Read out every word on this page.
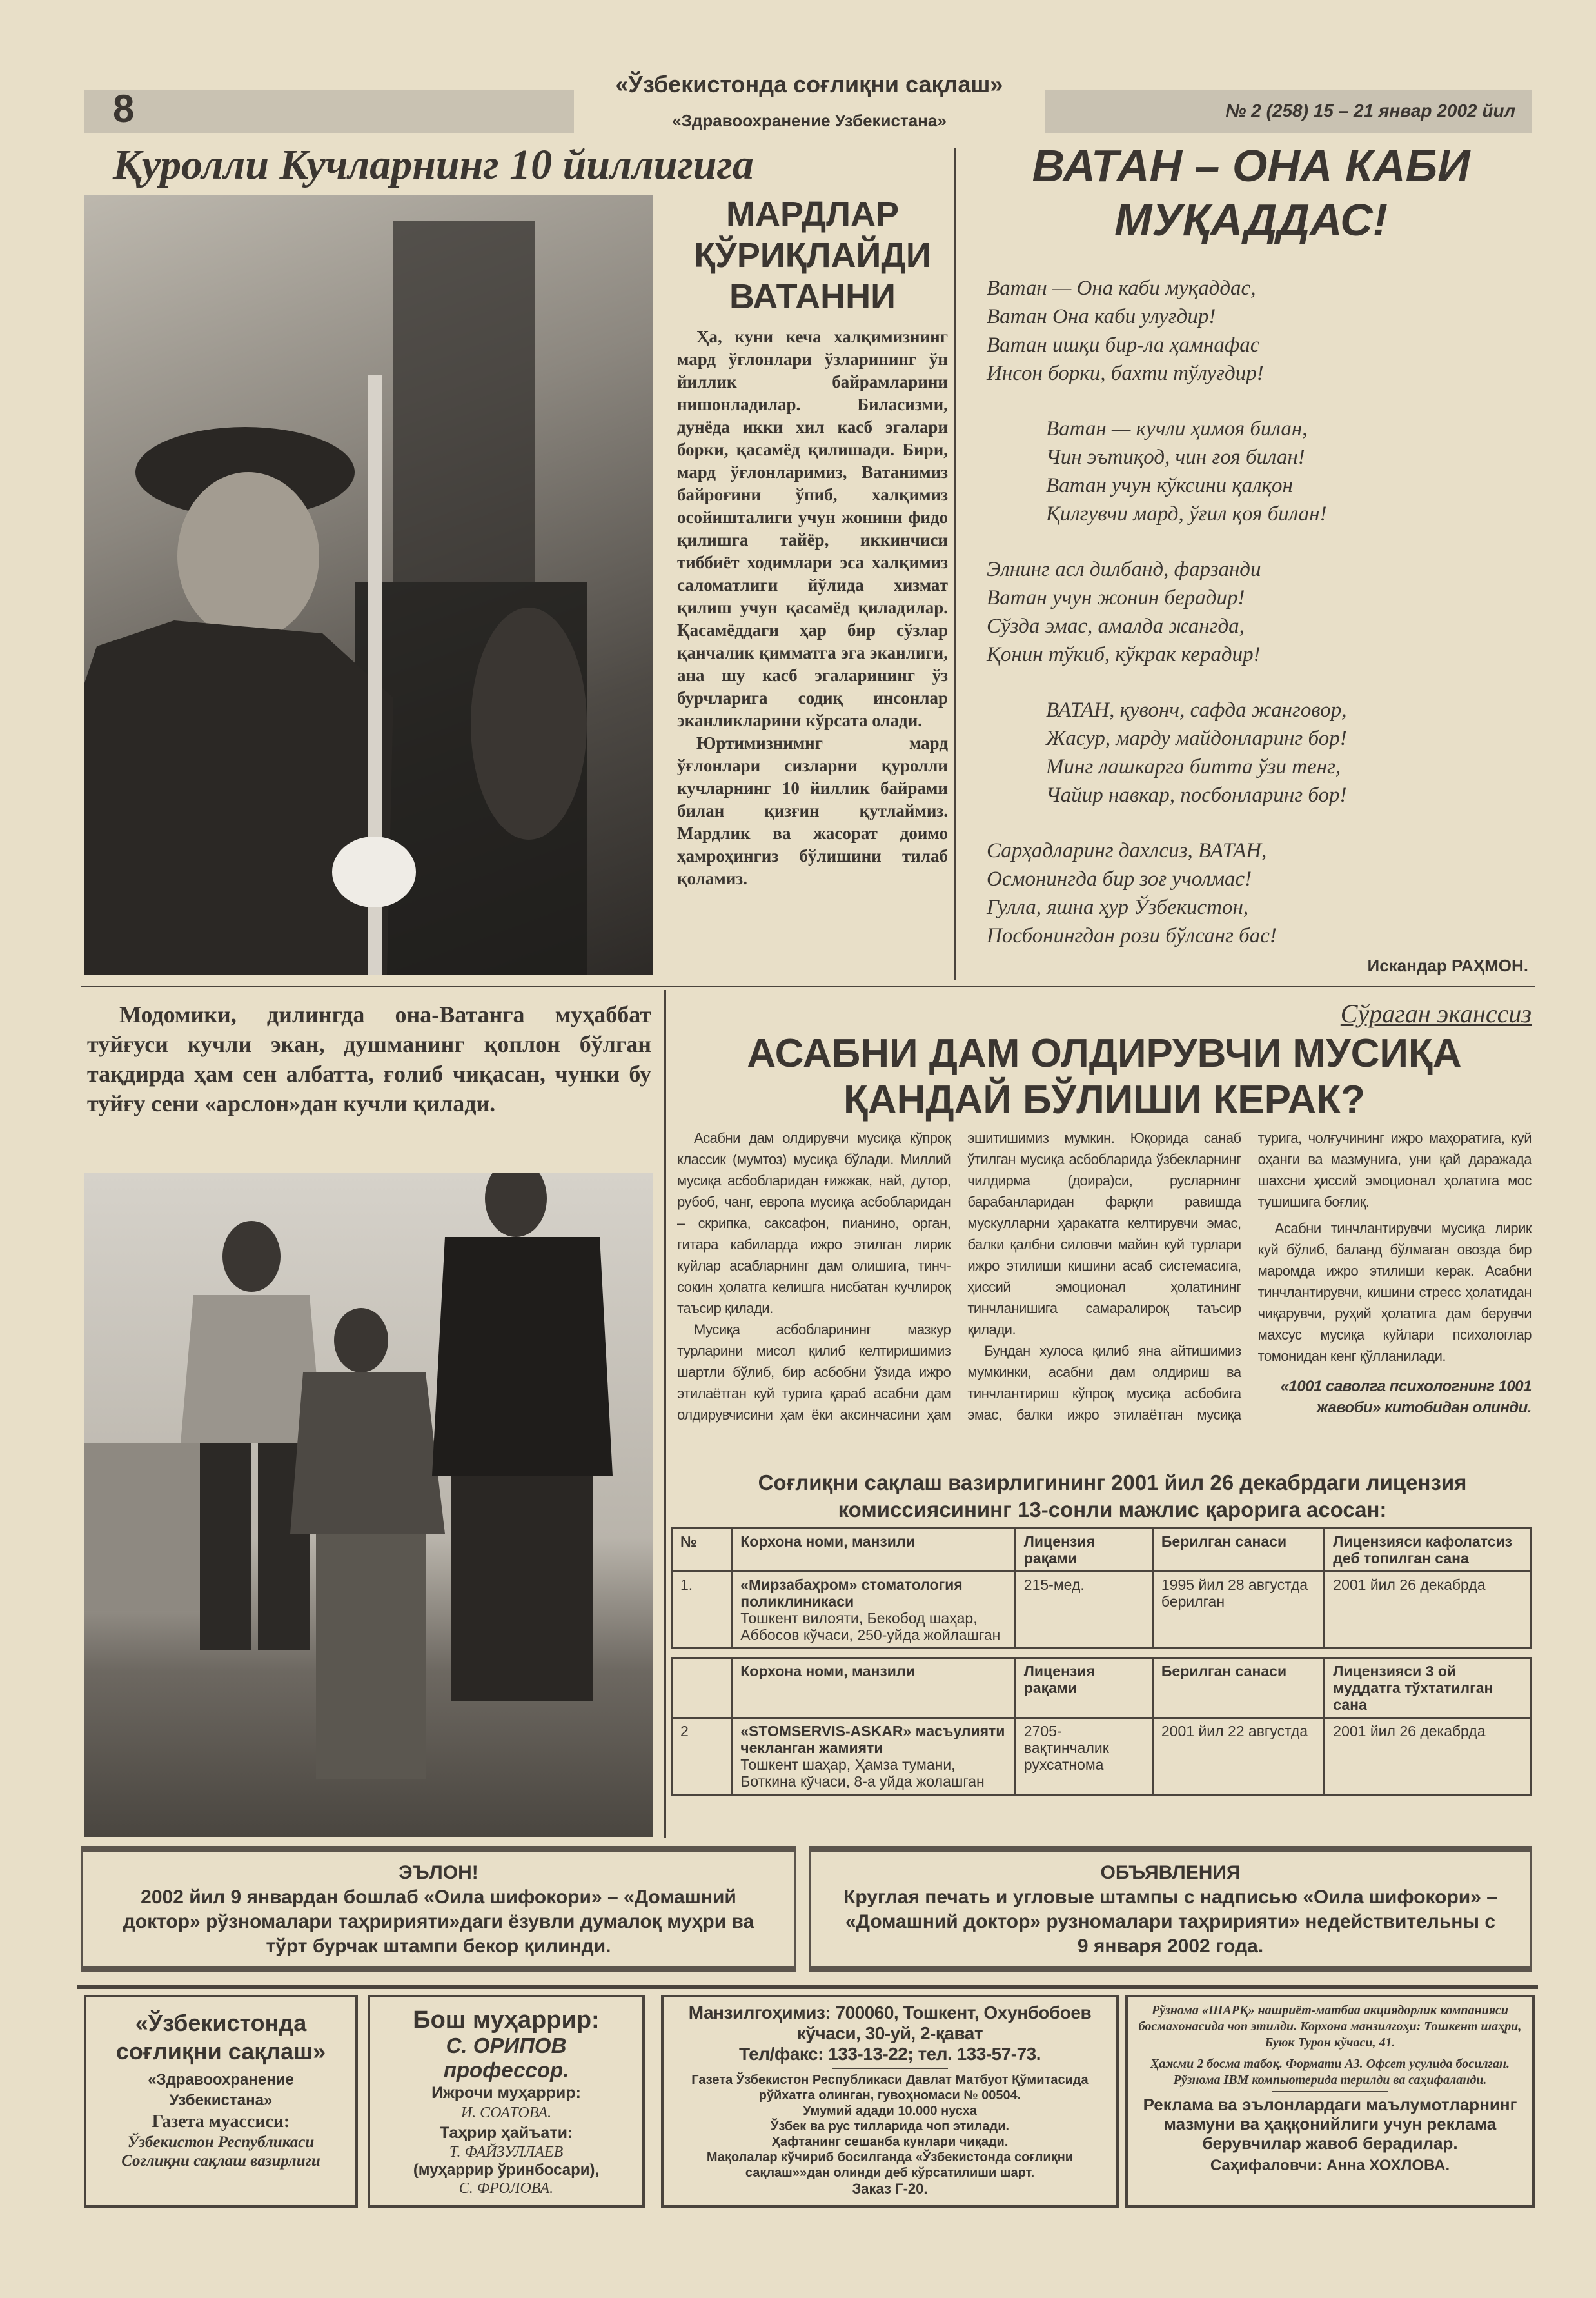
8	№ 2 (258) 15 – 21 январ 2002 йил
«Ўзбекистонда соғлиқни сақлаш»
«Здравоохранение Узбекистана»
Қуролли Кучларнинг 10 йиллигига
МАРДЛАР
ҚЎРИҚЛАЙДИ
ВАТАННИ

Ҳа, куни кеча халқимизнинг мард ўғлонлари ўзларининг ўн йиллик байрамларини нишонладилар. Биласизми, дунёда икки хил касб эгалари борки, қасамёд қилишади. Бири, мард ўғлонларимиз, Ватанимиз байроғини ўпиб, халқимиз осойишталиги учун жонини фидо қилишга тайёр, иккинчиси тиббиёт ходимлари эса халқимиз саломатлиги йўлида хизмат қилиш учун қасамёд қиладилар. Қасамёддаги ҳар бир сўзлар қанчалик қимматга эга эканлиги, ана шу касб эгаларининг ўз бурчларига содиқ инсонлар эканликларини кўрсата олади.

Юртимизнимнг мард ўғлонлари сизларни қуролли кучларнинг 10 йиллик байрами билан қизғин қутлаймиз. Мардлик ва жасорат доимо ҳамроҳингиз бўлишини тилаб қоламиз.

ВАТАН – ОНА КАБИ
МУҚАДДАС!
Ватан — Она каби муқаддас,
Ватан Она каби улуғдир!
Ватан ишқи бир-ла ҳамнафас
Инсон борки, бахти тўлуғдир!
Ватан — кучли ҳимоя билан,
Чин эътиқод, чин ғоя билан!
Ватан учун кўксини қалқон
Қилгувчи мард, ўғил қоя билан!
Элнинг асл дилбанд, фарзанди
Ватан учун жонин берадир!
Сўзда эмас, амалда жангда,
Қонин тўкиб, кўкрак керадир!
ВАТАН, қувонч, сафда жанговор,
Жасур, марду майдонларинг бор!
Минг лашкарга битта ўзи тенг,
Чайир навкар, посбонларинг бор!
Сарҳадларинг дахлсиз, ВАТАН,
Осмонингда бир зоғ учолмас!
Гулла, яшна ҳур Ўзбекистон,
Посбонингдан рози бўлсанг бас!
Искандар РАҲМОН.
Модомики, дилингда она-Ватанга муҳаббат туйғуси кучли экан, душманинг қоплон бўлган тақдирда ҳам сен албатта, ғолиб чиқасан, чунки бу туйғу сени «арслон»дан кучли қилади.
Сўраган эканссиз
АСАБНИ ДАМ ОЛДИРУВЧИ МУСИҚА ҚАНДАЙ БЎЛИШИ КЕРАК?

Асабни дам олдирувчи мусиқа кўпроқ классик (мумтоз) мусиқа бўлади. Миллий мусиқа асбобларидан ғижжак, най, дутор, рубоб, чанг, европа мусиқа асбобларидан – скрипка, саксафон, пианино, орган, гитара кабиларда ижро этилган лирик куйлар асабларнинг дам олишига, тинч-сокин ҳолатга келишга нисбатан кучлироқ таъсир қилади.

Мусиқа асбобларининг мазкур турларини мисол қилиб келтиришимиз шартли бўлиб, бир асбобни ўзида ижро этилаётган куй турига қараб асабни дам олдирувчисини ҳам ёки аксинчасини ҳам эшитишимиз мумкин. Юқорида санаб ўтилган мусиқа асбобларида ўзбекларнинг чилдирма (доира)си, русларнинг барабанларидан фарқли равишда мускулларни ҳаракатга келтирувчи эмас, балки қалбни силовчи майин куй турлари ижро этилиши кишини асаб системасига, ҳиссий эмоционал ҳолатининг тинчланишига самаралироқ таъсир қилади.

Бундан хулоса қилиб яна айтишимиз мумкинки, асабни дам олдириш ва тинчлантириш кўпроқ мусиқа асбобига эмас, балки ижро этилаётган мусиқа турига, чолғучининг ижро маҳоратига, куй оҳанги ва мазмунига, уни қай даражада шахсни ҳиссий эмоционал ҳолатига мос тушишига боғлиқ.

Асабни тинчлантирувчи мусиқа лирик куй бўлиб, баланд бўлмаган овозда бир маромда ижро этилиши керак. Асабни тинчлантирувчи, кишини стресс ҳолатидан чиқарувчи, руҳий ҳолатига дам берувчи махсус мусиқа куйлари психологлар томонидан кенг қўлланилади.

«1001 саволга психологнинг 1001 жавоби» китобидан олинди.

Соғлиқни сақлаш вазирлигининг 2001 йил 26 декабрдаги лицензия комиссиясининг 13-сонли мажлис қарорига асосан:
№	Корхона номи, манзили	Лицензия рақами	Берилган санаси	Лицензияси кафолатсиз деб топилган сана
1.	«Мирзабаҳром» стоматология поликлиникаси
Тошкент вилояти, Бекобод шаҳар, Аббосов кўчаси, 250-уйда жойлашган	215-мед.	1995 йил 28 августда берилган	2001 йил 26 декабрда
	Корхона номи, манзили	Лицензия рақами	Берилган санаси	Лицензияси 3 ой муддатга тўхтатилган сана
2	«STOMSERVIS-ASKAR» масъулияти чекланган жамияти
Тошкент шаҳар, Ҳамза тумани, Боткина кўчаси, 8-а уйда жолашган	2705-вақтинчалик рухсатнома	2001 йил 22 августда	2001 йил 26 декабрда
ЭЪЛОН!
2002 йил 9 январдан бошлаб «Оила шифокори» – «Домашний доктор» рўзномалари таҳририяти»даги ёзувли думалоқ муҳри ва тўрт бурчак штампи бекор қилинди.
ОБЪЯВЛЕНИЯ
Круглая печать и угловые штампы с надписью «Оила шифокори» – «Домашний доктор» рузномалари таҳририяти» недействительны с 9 января 2002 года.
«Ўзбекистонда соғлиқни сақлаш»
«Здравоохранение Узбекистана»
Газета муассиси:
Ўзбекистон Республикаси Соғлиқни сақлаш вазирлиги
Бош муҳаррир:
С. ОРИПОВ
профессор.
Ижрочи муҳаррир:
И. СОАТОВА.
Таҳрир ҳайъати:
Т. ФАЙЗУЛЛАЕВ
(муҳаррир ўринбосари),
С. ФРОЛОВА.
Манзилгоҳимиз: 700060, Тошкент, Охунбобоев кўчаси, 30-уй, 2-қават
Тел/факс: 133-13-22; тел. 133-57-73.
Газета Ўзбекистон Республикаси Давлат Матбуот Қўмитасида рўйхатга олинган, гувоҳномаси № 00504.
Умумий адади 10.000 нусха
Ўзбек ва рус тилларида чоп этилади.
Ҳафтанинг сешанба кунлари чиқади.
Мақолалар кўчириб босилганда «Ўзбекистонда соғлиқни сақлаш»»дан олинди деб кўрсатилиши шарт.
Заказ Г-20.
Рўзнома «ШАРҚ» нашриёт-матбаа акциядорлик компанияси босмахонасида чоп этилди. Корхона манзилгоҳи: Тошкент шаҳри, Буюк Турон кўчаси, 41.
Ҳажми 2 босма табоқ. Формати А3. Офсет усулида босилган. Рўзнома IBM компьютерида терилди ва саҳифаланди.
Реклама ва эълонлардаги маълумотларнинг мазмуни ва ҳаққонийлиги учун реклама берувчилар жавоб берадилар.
Саҳифаловчи: Анна ХОХЛОВА.
